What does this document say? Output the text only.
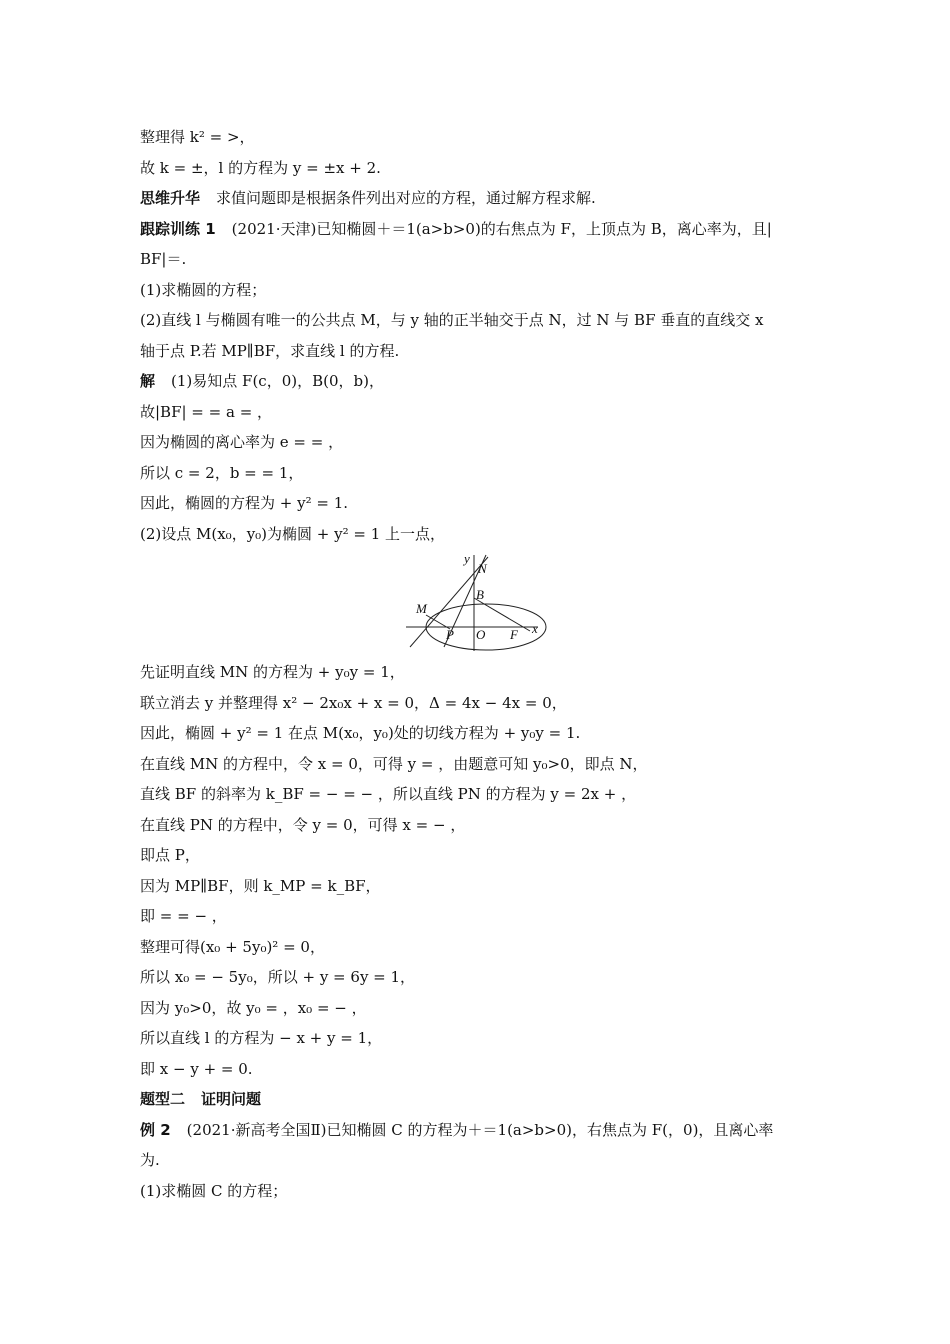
整理得 k² = >，
故 k = ±，l 的方程为 y = ±x + 2.
思维升华 求值问题即是根据条件列出对应的方程，通过解方程求解.
跟踪训练 1 (2021·天津)已知椭圆＋＝1(a>b>0)的右焦点为 F，上顶点为 B，离心率为，且|
BF|＝.
(1)求椭圆的方程；
(2)直线 l 与椭圆有唯一的公共点 M，与 y 轴的正半轴交于点 N，过 N 与 BF 垂直的直线交 x
轴于点 P.若 MP∥BF，求直线 l 的方程.
解 (1)易知点 F(c，0)，B(0，b)，
故|BF| = = a = ，
因为椭圆的离心率为 e = = ，
所以 c = 2，b = = 1，
因此，椭圆的方程为 + y² = 1.
(2)设点 M(x₀，y₀)为椭圆 + y² = 1 上一点，
y
N
B
M
P O F x
先证明直线 MN 的方程为 + y₀y = 1，
联立消去 y 并整理得 x² − 2x₀x + x = 0，Δ = 4x − 4x = 0，
因此，椭圆 + y² = 1 在点 M(x₀，y₀)处的切线方程为 + y₀y = 1.
在直线 MN 的方程中，令 x = 0，可得 y = ，由题意可知 y₀>0，即点 N，
直线 BF 的斜率为 k_BF = − = − ，所以直线 PN 的方程为 y = 2x + ，
在直线 PN 的方程中，令 y = 0，可得 x = − ，
即点 P，
因为 MP∥BF，则 k_MP = k_BF，
即 = = − ，
整理可得(x₀ + 5y₀)² = 0，
所以 x₀ = − 5y₀，所以 + y = 6y = 1，
因为 y₀>0，故 y₀ = ，x₀ = − ，
所以直线 l 的方程为 − x + y = 1，
即 x − y + = 0.
题型二 证明问题
例 2 (2021·新高考全国Ⅱ)已知椭圆 C 的方程为＋＝1(a>b>0)，右焦点为 F(，0)，且离心率
为.
(1)求椭圆 C 的方程；
